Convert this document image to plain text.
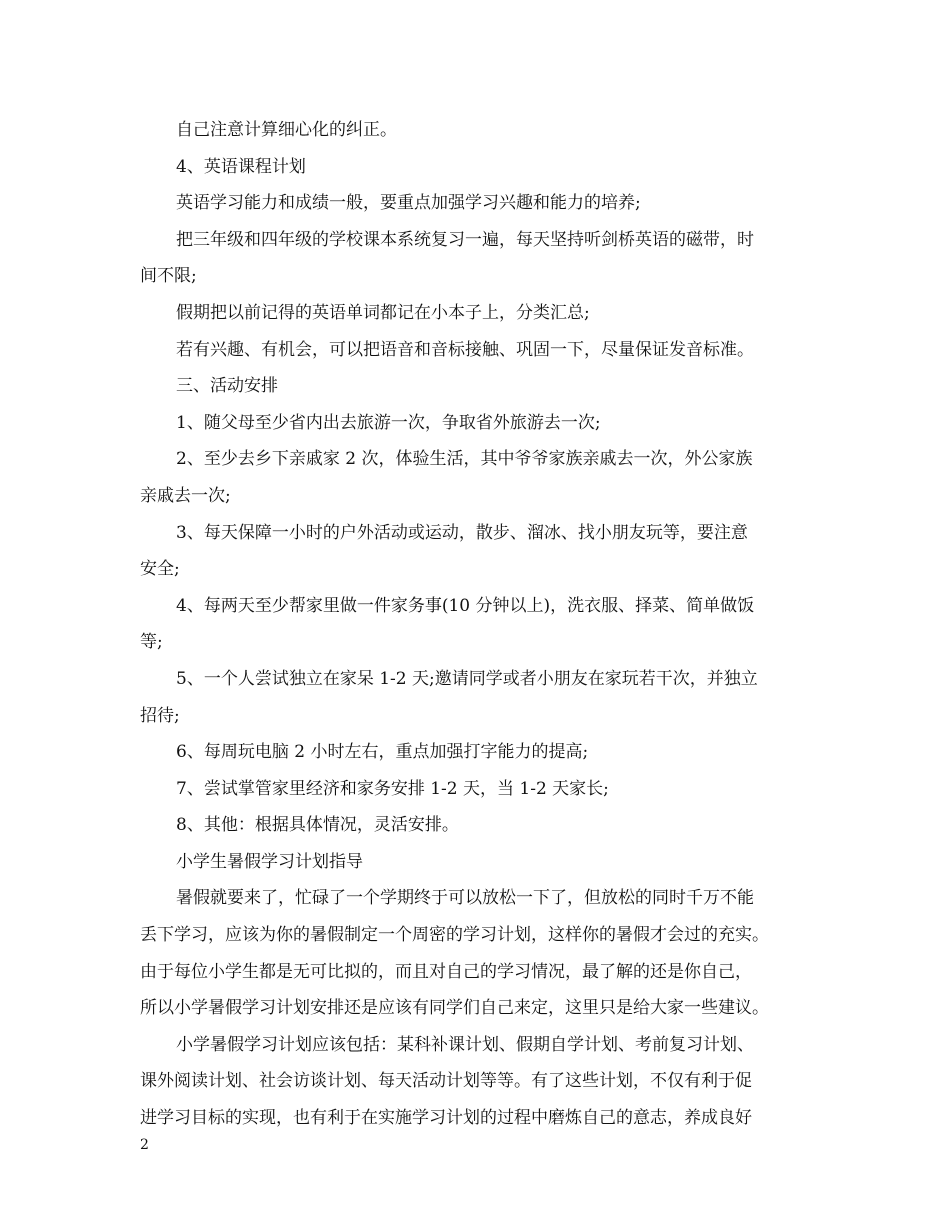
自己注意计算细心化的纠正。
4、英语课程计划
英语学习能力和成绩一般，要重点加强学习兴趣和能力的培养;
把三年级和四年级的学校课本系统复习一遍，每天坚持听剑桥英语的磁带，时
间不限;
假期把以前记得的英语单词都记在小本子上，分类汇总;
若有兴趣、有机会，可以把语音和音标接触、巩固一下，尽量保证发音标准。
三、活动安排
1、随父母至少省内出去旅游一次，争取省外旅游去一次;
2、至少去乡下亲戚家 2 次，体验生活，其中爷爷家族亲戚去一次，外公家族
亲戚去一次;
3、每天保障一小时的户外活动或运动，散步、溜冰、找小朋友玩等，要注意
安全;
4、每两天至少帮家里做一件家务事(10 分钟以上)，洗衣服、择菜、简单做饭
等;
5、一个人尝试独立在家呆 1-2 天;邀请同学或者小朋友在家玩若干次，并独立
招待;
6、每周玩电脑 2 小时左右，重点加强打字能力的提高;
7、尝试掌管家里经济和家务安排 1-2 天，当 1-2 天家长;
8、其他：根据具体情况，灵活安排。
小学生暑假学习计划指导
暑假就要来了，忙碌了一个学期终于可以放松一下了，但放松的同时千万不能
丢下学习，应该为你的暑假制定一个周密的学习计划，这样你的暑假才会过的充实。
由于每位小学生都是无可比拟的，而且对自己的学习情况，最了解的还是你自己，
所以小学暑假学习计划安排还是应该有同学们自己来定，这里只是给大家一些建议。
小学暑假学习计划应该包括：某科补课计划、假期自学计划、考前复习计划、
课外阅读计划、社会访谈计划、每天活动计划等等。有了这些计划，不仅有利于促
进学习目标的实现，也有利于在实施学习计划的过程中磨炼自己的意志，养成良好
2
